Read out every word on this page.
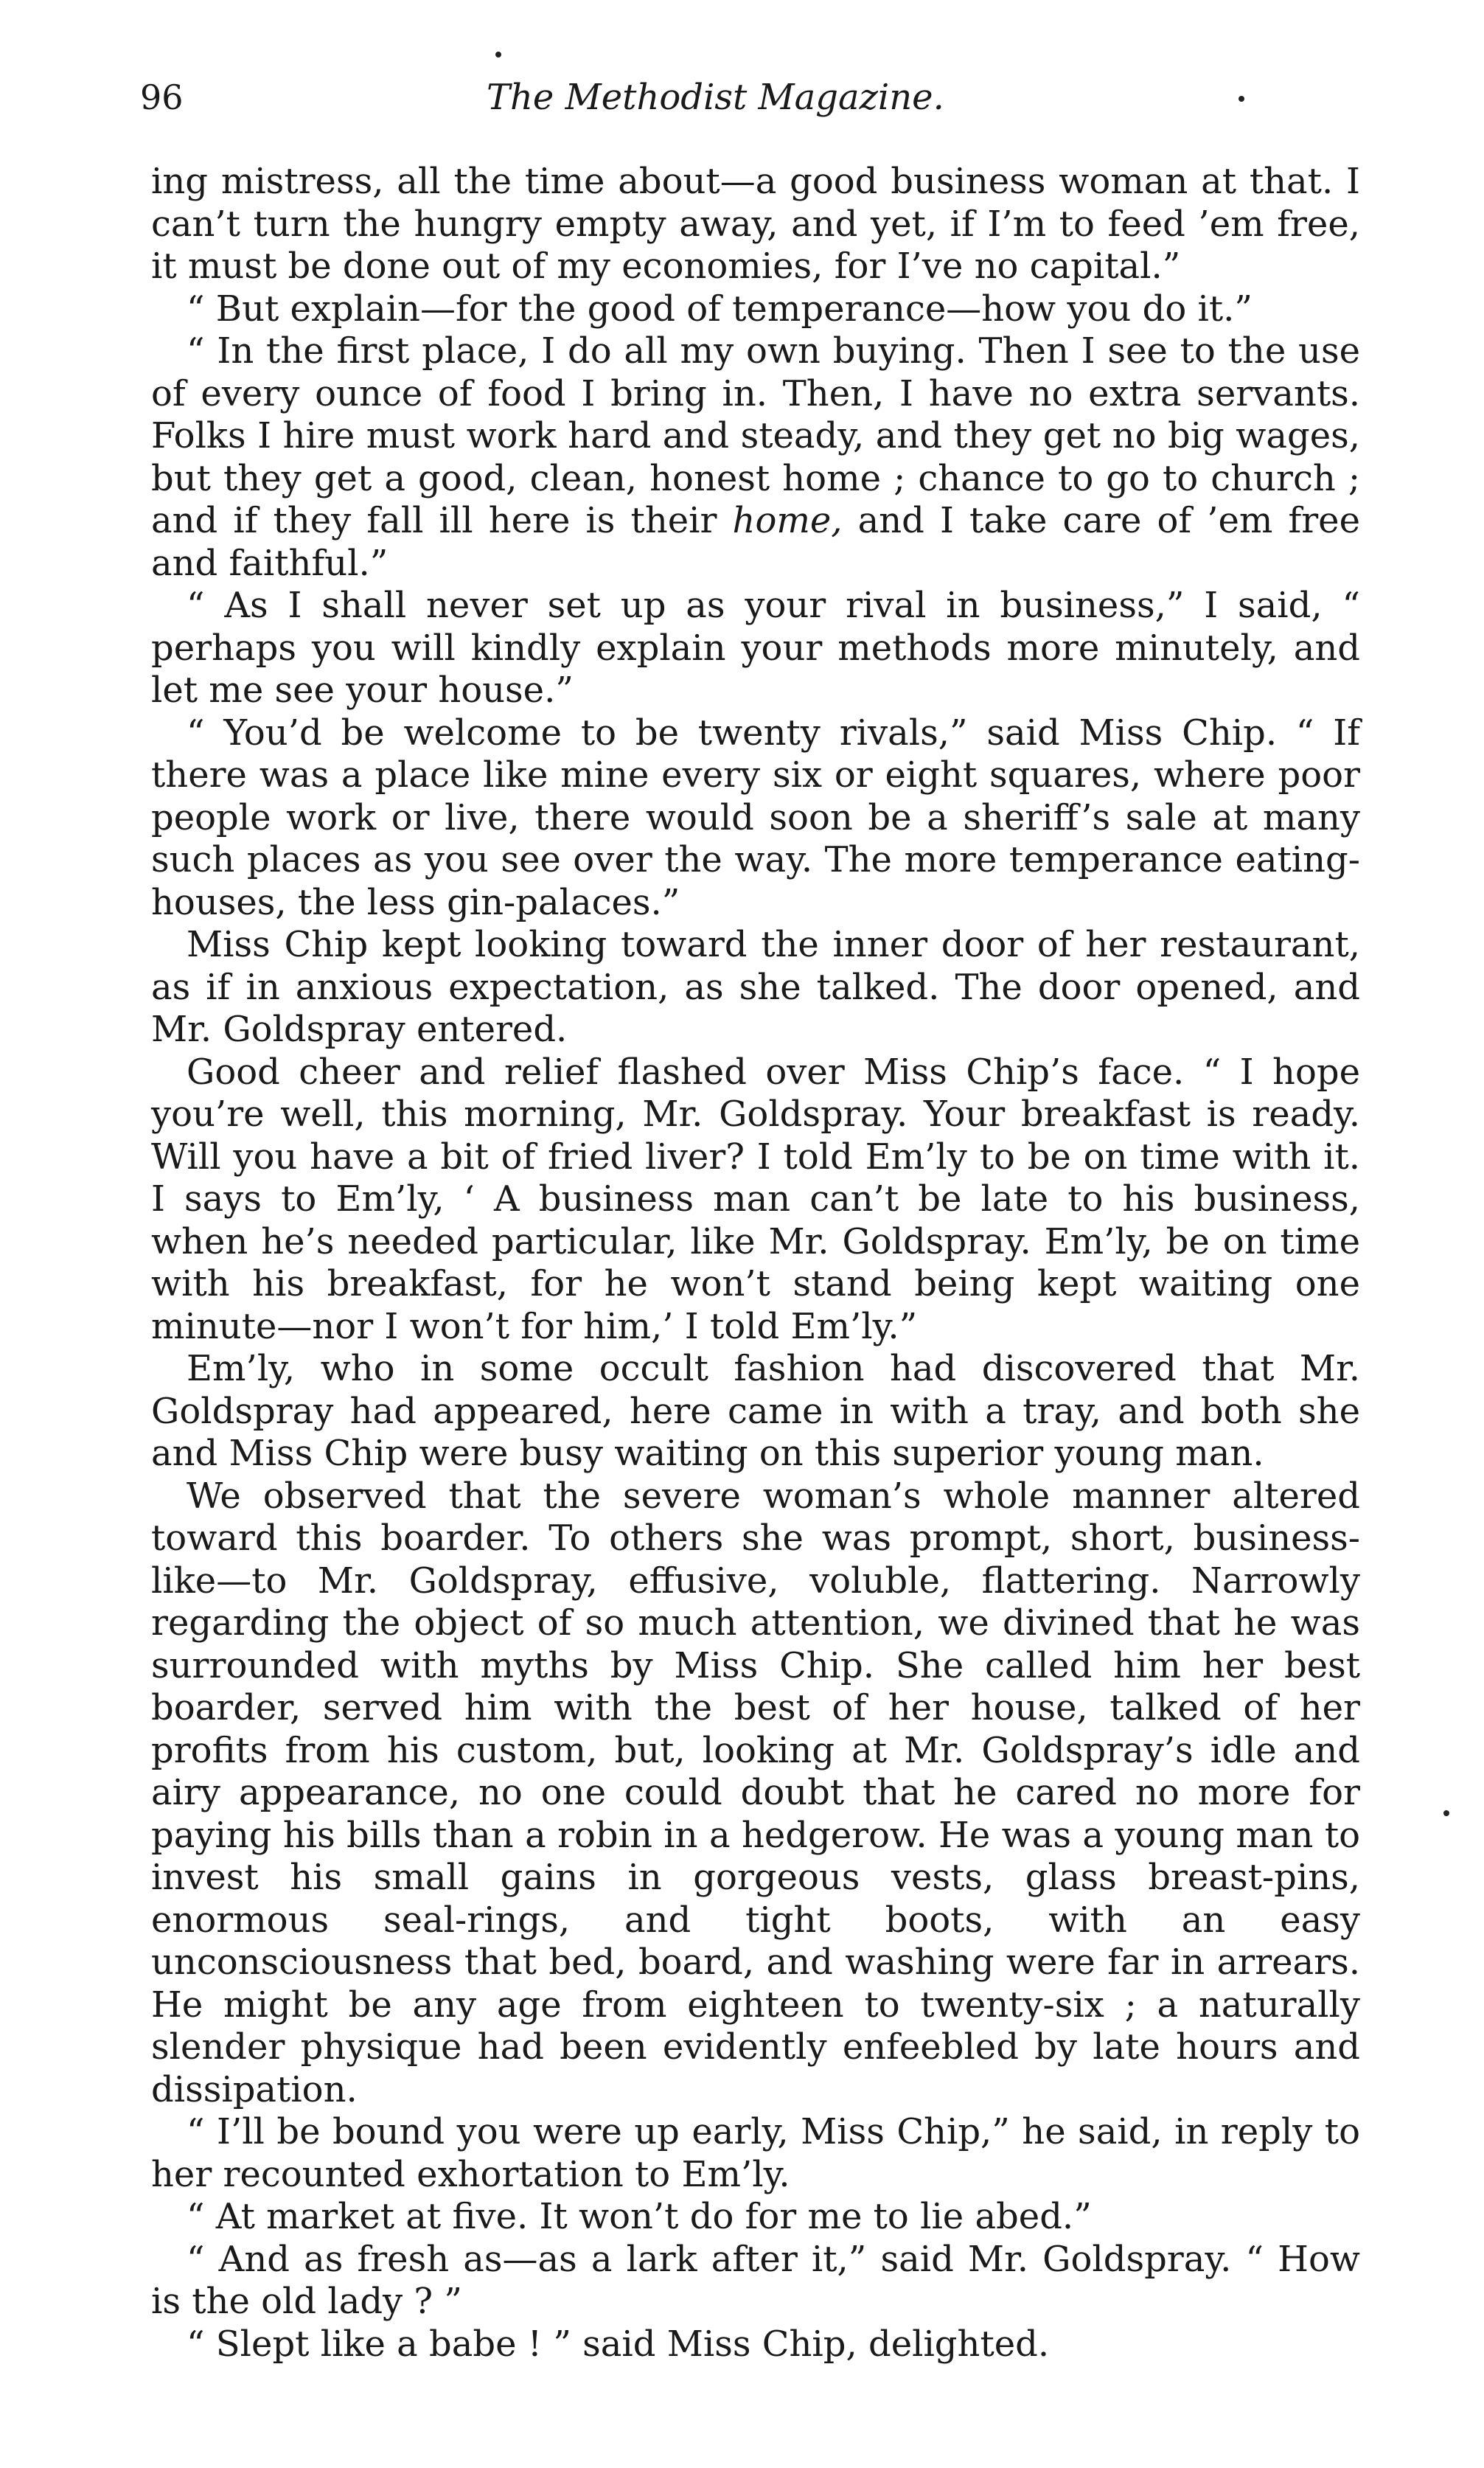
96	The Methodist Magazine.

ing mistress, all the time about—a good business woman at that. I can’t turn the hungry empty away, and yet, if I’m to feed ’em free, it must be done out of my economies, for I’ve no capital.”

“ But explain—for the good of temperance—how you do it.”

“ In the first place, I do all my own buying. Then I see to the use of every ounce of food I bring in. Then, I have no extra servants. Folks I hire must work hard and steady, and they get no big wages, but they get a good, clean, honest home ; chance to go to church ; and if they fall ill here is their home, and I take care of ’em free and faithful.”

“ As I shall never set up as your rival in business,” I said, “ perhaps you will kindly explain your methods more minutely, and let me see your house.”

“ You’d be welcome to be twenty rivals,” said Miss Chip. “ If there was a place like mine every six or eight squares, where poor people work or live, there would soon be a sheriff’s sale at many such places as you see over the way. The more temperance eating-houses, the less gin-palaces.”

Miss Chip kept looking toward the inner door of her restaurant, as if in anxious expectation, as she talked. The door opened, and Mr. Goldspray entered.

Good cheer and relief flashed over Miss Chip’s face. “ I hope you’re well, this morning, Mr. Goldspray. Your breakfast is ready. Will you have a bit of fried liver? I told Em’ly to be on time with it. I says to Em’ly, ‘ A business man can’t be late to his business, when he’s needed particular, like Mr. Goldspray. Em’ly, be on time with his breakfast, for he won’t stand being kept waiting one minute—nor I won’t for him,’ I told Em’ly.”

Em’ly, who in some occult fashion had discovered that Mr. Goldspray had appeared, here came in with a tray, and both she and Miss Chip were busy waiting on this superior young man.

We observed that the severe woman’s whole manner altered toward this boarder. To others she was prompt, short, business-like—to Mr. Goldspray, effusive, voluble, flattering. Narrowly regarding the object of so much attention, we divined that he was surrounded with myths by Miss Chip. She called him her best boarder, served him with the best of her house, talked of her profits from his custom, but, looking at Mr. Goldspray’s idle and airy appearance, no one could doubt that he cared no more for paying his bills than a robin in a hedgerow. He was a young man to invest his small gains in gorgeous vests, glass breast-pins, enormous seal-rings, and tight boots, with an easy unconsciousness that bed, board, and washing were far in arrears. He might be any age from eighteen to twenty-six ; a naturally slender physique had been evidently enfeebled by late hours and dissipation.

“ I’ll be bound you were up early, Miss Chip,” he said, in reply to her recounted exhortation to Em’ly.

“ At market at five. It won’t do for me to lie abed.”

“ And as fresh as—as a lark after it,” said Mr. Goldspray. “ How is the old lady ? ”

“ Slept like a babe ! ” said Miss Chip, delighted.
